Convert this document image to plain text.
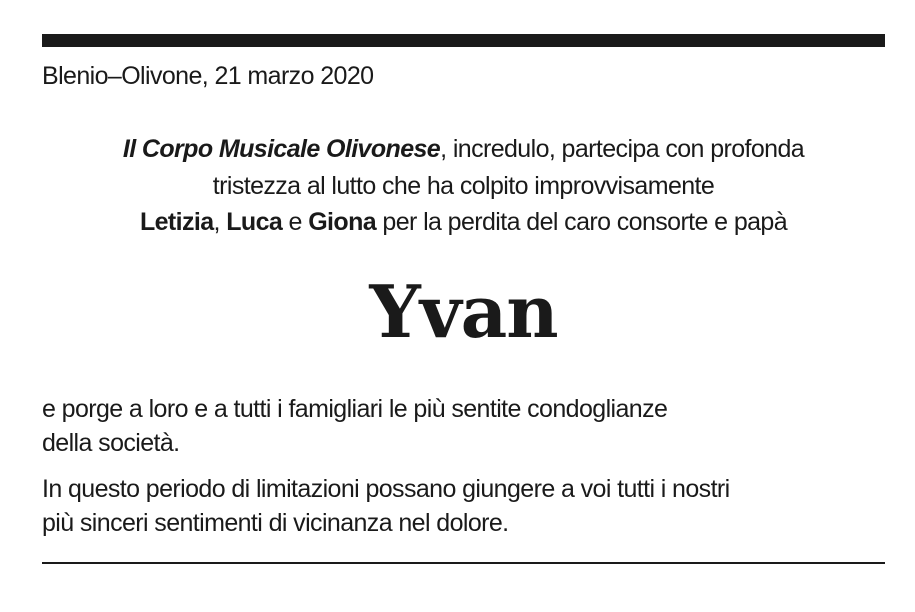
Blenio–Olivone, 21 marzo 2020
Il Corpo Musicale Olivonese, incredulo, partecipa con profonda
tristezza al lutto che ha colpito improvvisamente
Letizia, Luca e Giona per la perdita del caro consorte e papà
Yvan
e porge a loro e a tutti i famigliari le più sentite condoglianze
della società.
In questo periodo di limitazioni possano giungere a voi tutti i nostri
più sinceri sentimenti di vicinanza nel dolore.
